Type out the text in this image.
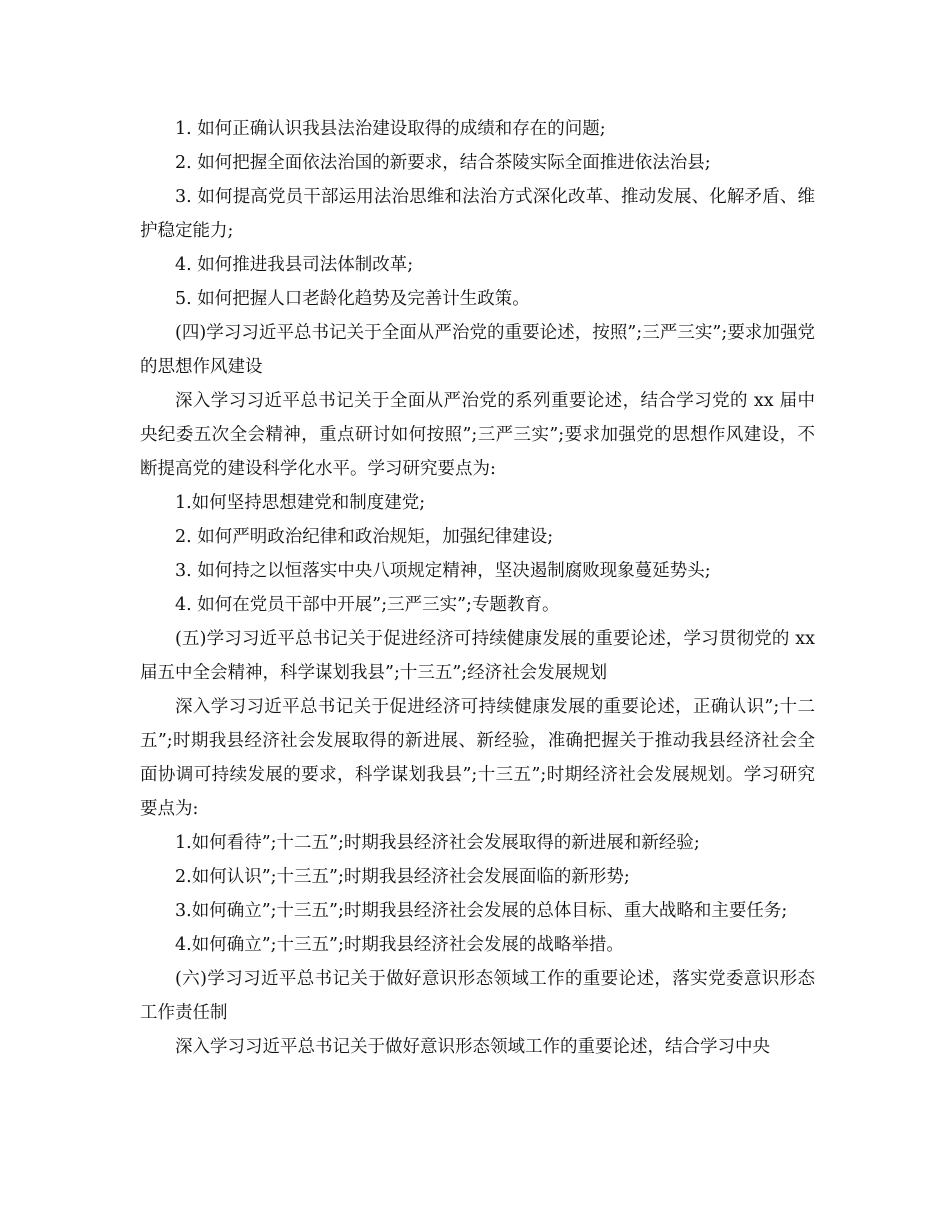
1. 如何正确认识我县法治建设取得的成绩和存在的问题;

2. 如何把握全面依法治国的新要求，结合茶陵实际全面推进依法治县;

3. 如何提高党员干部运用法治思维和法治方式深化改革、推动发展、化解矛盾、维护稳定能力;

4. 如何推进我县司法体制改革;

5. 如何把握人口老龄化趋势及完善计生政策。

(四)学习习近平总书记关于全面从严治党的重要论述，按照”;三严三实”;要求加强党的思想作风建设

深入学习习近平总书记关于全面从严治党的系列重要论述，结合学习党的 xx 届中央纪委五次全会精神，重点研讨如何按照”;三严三实”;要求加强党的思想作风建设，不断提高党的建设科学化水平。学习研究要点为:

1.如何坚持思想建党和制度建党;

2. 如何严明政治纪律和政治规矩，加强纪律建设;

3. 如何持之以恒落实中央八项规定精神，坚决遏制腐败现象蔓延势头;

4. 如何在党员干部中开展”;三严三实”;专题教育。

(五)学习习近平总书记关于促进经济可持续健康发展的重要论述，学习贯彻党的 xx 届五中全会精神，科学谋划我县”;十三五”;经济社会发展规划

深入学习习近平总书记关于促进经济可持续健康发展的重要论述，正确认识”;十二五”;时期我县经济社会发展取得的新进展、新经验，准确把握关于推动我县经济社会全面协调可持续发展的要求，科学谋划我县”;十三五”;时期经济社会发展规划。学习研究要点为:

1.如何看待”;十二五”;时期我县经济社会发展取得的新进展和新经验;

2.如何认识”;十三五”;时期我县经济社会发展面临的新形势;

3.如何确立”;十三五”;时期我县经济社会发展的总体目标、重大战略和主要任务;

4.如何确立”;十三五”;时期我县经济社会发展的战略举措。

(六)学习习近平总书记关于做好意识形态领域工作的重要论述，落实党委意识形态工作责任制

深入学习习近平总书记关于做好意识形态领域工作的重要论述，结合学习中央
